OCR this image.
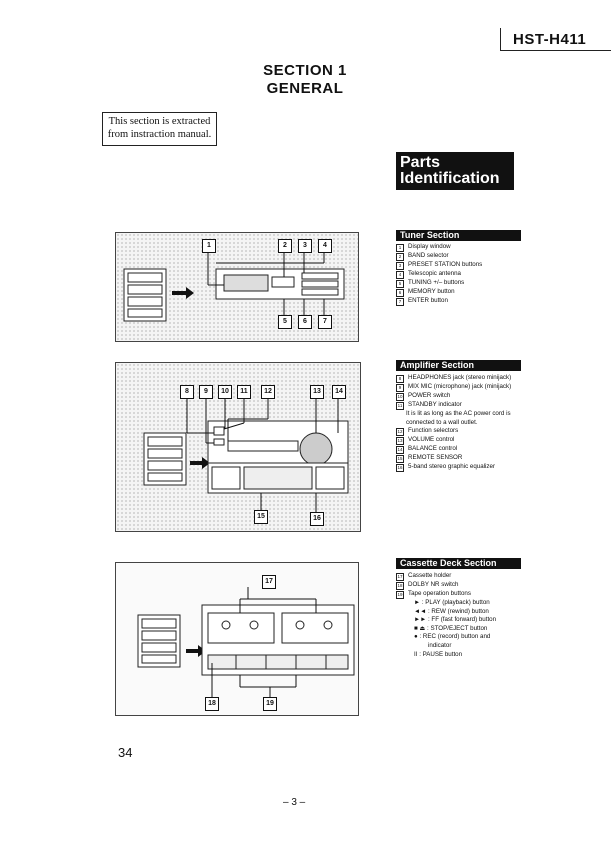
HST-H411
SECTION 1
GENERAL
This section is extracted
from instraction manual.
Parts
Identification
1	2	3	4
5	6	7
Tuner Section
1 Display window
2 BAND selector
3 PRESET STATION buttons
4 Telescopic antenna
5 TUNING +/– buttons
6 MEMORY button
7 ENTER button
8	9	10	11	12	13	14
15	16
Amplifier Section
8 HEADPHONES jack (stereo minijack)
9 MIX MIC (microphone) jack (minijack)
10 POWER switch
11 STANDBY indicator
It is lit as long as the AC power cord is
connected to a wall outlet.
12 Function selectors
13 VOLUME control
14 BALANCE control
15 REMOTE SENSOR
16 5-band stereo graphic equalizer
17
18	19
Cassette Deck Section
17 Cassette holder
18 DOLBY NR switch
19 Tape operation buttons
► : PLAY (playback) button
◄◄ : REW (rewind) button
►► : FF (fast forward) button
■ ⏏ : STOP/EJECT button
● : REC (record) button and
indicator
II : PAUSE button
34
– 3 –
